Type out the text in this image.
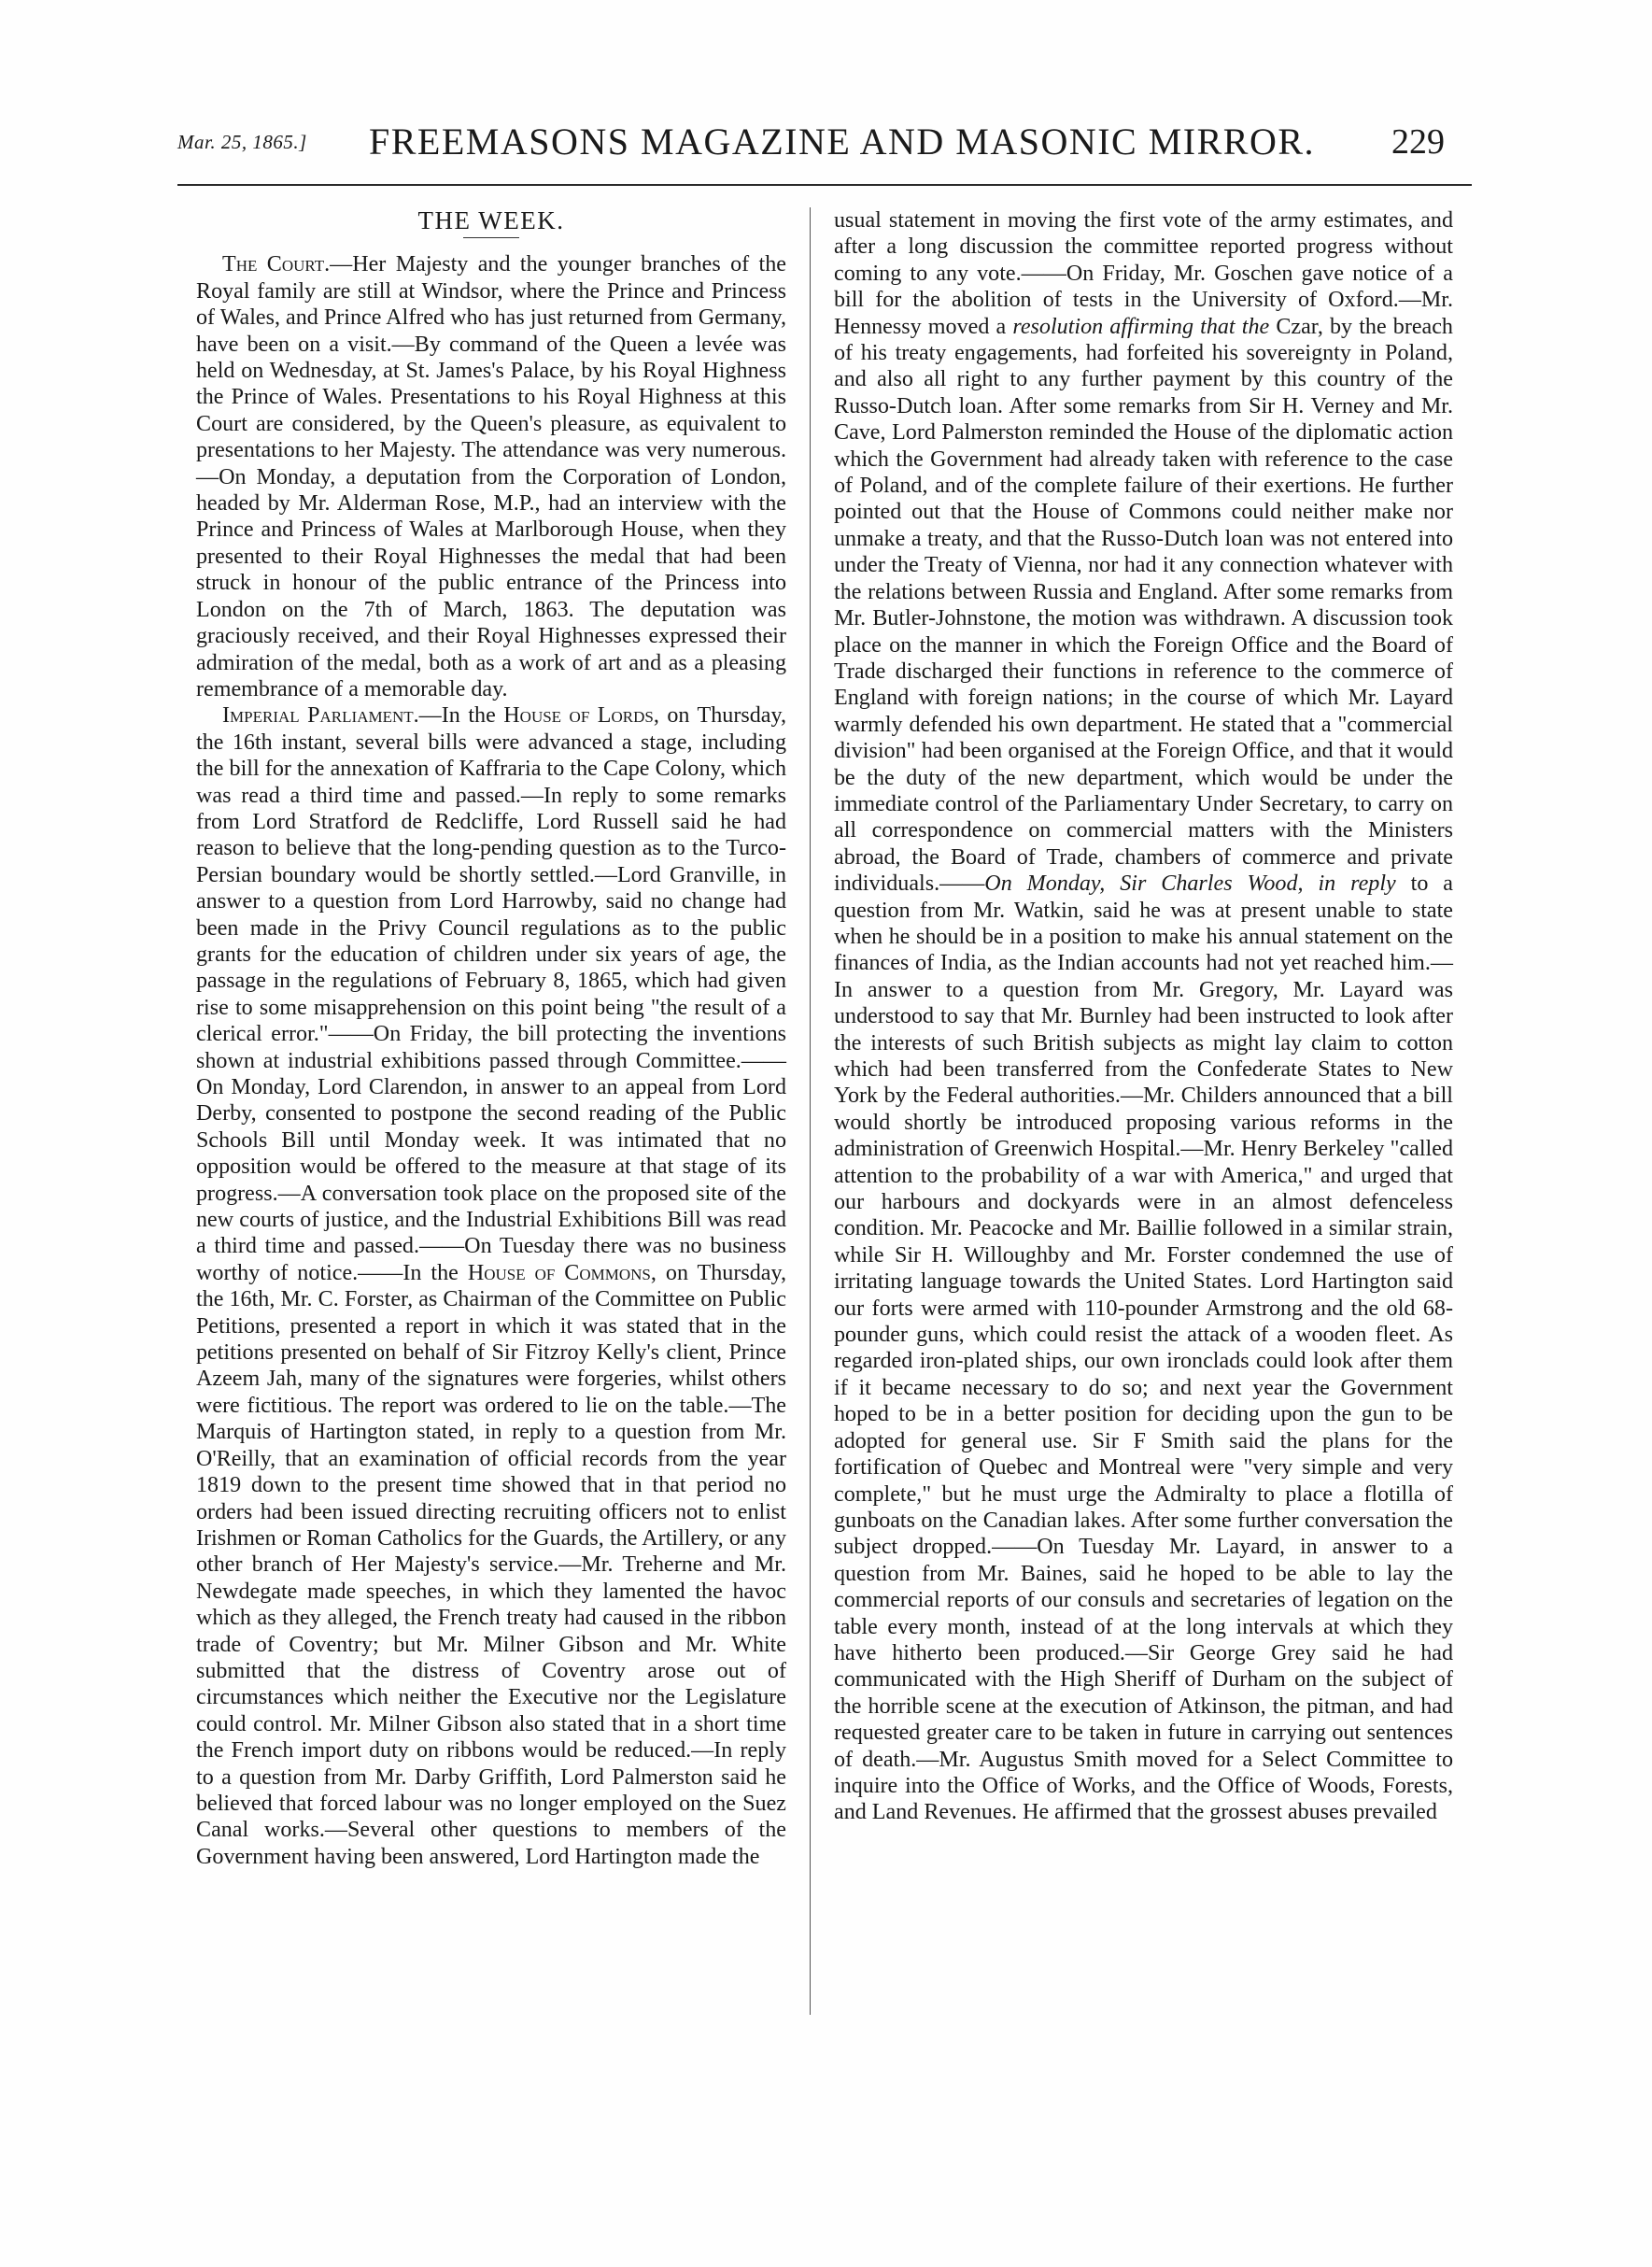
Mar. 25, 1865.] FREEMASONS MAGAZINE AND MASONIC MIRROR. 229
THE WEEK.

The Court.—Her Majesty and the younger branches of the Royal family are still at Windsor, where the Prince and Princess of Wales, and Prince Alfred who has just returned from Germany, have been on a visit.—By command of the Queen a levée was held on Wednesday, at St. James's Palace, by his Royal Highness the Prince of Wales. Presentations to his Royal Highness at this Court are considered, by the Queen's pleasure, as equivalent to presentations to her Majesty. The attendance was very numerous.—On Monday, a deputation from the Corporation of London, headed by Mr. Alderman Rose, M.P., had an interview with the Prince and Princess of Wales at Marlborough House, when they presented to their Royal Highnesses the medal that had been struck in honour of the public entrance of the Princess into London on the 7th of March, 1863. The deputation was graciously received, and their Royal Highnesses expressed their admiration of the medal, both as a work of art and as a pleasing remembrance of a memorable day.

Imperial Parliament.—In the House of Lords, on Thursday, the 16th instant, several bills were advanced a stage, including the bill for the annexation of Kaffraria to the Cape Colony, which was read a third time and passed.—In reply to some remarks from Lord Stratford de Redcliffe, Lord Russell said he had reason to believe that the long-pending question as to the Turco-Persian boundary would be shortly settled.—Lord Granville, in answer to a question from Lord Harrowby, said no change had been made in the Privy Council regulations as to the public grants for the education of children under six years of age, the passage in the regulations of February 8, 1865, which had given rise to some misapprehension on this point being "the result of a clerical error."——On Friday, the bill protecting the inventions shown at industrial exhibitions passed through Committee.——On Monday, Lord Clarendon, in answer to an appeal from Lord Derby, consented to postpone the second reading of the Public Schools Bill until Monday week. It was intimated that no opposition would be offered to the measure at that stage of its progress.—A conversation took place on the proposed site of the new courts of justice, and the Industrial Exhibitions Bill was read a third time and passed.——On Tuesday there was no business worthy of notice.——In the House of Commons, on Thursday, the 16th, Mr. C. Forster, as Chairman of the Committee on Public Petitions, presented a report in which it was stated that in the petitions presented on behalf of Sir Fitzroy Kelly's client, Prince Azeem Jah, many of the signatures were forgeries, whilst others were fictitious. The report was ordered to lie on the table.—The Marquis of Hartington stated, in reply to a question from Mr. O'Reilly, that an examination of official records from the year 1819 down to the present time showed that in that period no orders had been issued directing recruiting officers not to enlist Irishmen or Roman Catholics for the Guards, the Artillery, or any other branch of Her Majesty's service.—Mr. Treherne and Mr. Newdegate made speeches, in which they lamented the havoc which as they alleged, the French treaty had caused in the ribbon trade of Coventry; but Mr. Milner Gibson and Mr. White submitted that the distress of Coventry arose out of circumstances which neither the Executive nor the Legislature could control. Mr. Milner Gibson also stated that in a short time the French import duty on ribbons would be reduced.—In reply to a question from Mr. Darby Griffith, Lord Palmerston said he believed that forced labour was no longer employed on the Suez Canal works.—Several other questions to members of the Government having been answered, Lord Hartington made the

usual statement in moving the first vote of the army estimates, and after a long discussion the committee reported progress without coming to any vote.——On Friday, Mr. Goschen gave notice of a bill for the abolition of tests in the University of Oxford.—Mr. Hennessy moved a resolution affirming that the Czar, by the breach of his treaty engagements, had forfeited his sovereignty in Poland, and also all right to any further payment by this country of the Russo-Dutch loan. After some remarks from Sir H. Verney and Mr. Cave, Lord Palmerston reminded the House of the diplomatic action which the Government had already taken with reference to the case of Poland, and of the complete failure of their exertions. He further pointed out that the House of Commons could neither make nor unmake a treaty, and that the Russo-Dutch loan was not entered into under the Treaty of Vienna, nor had it any connection whatever with the relations between Russia and England. After some remarks from Mr. Butler-Johnstone, the motion was withdrawn. A discussion took place on the manner in which the Foreign Office and the Board of Trade discharged their functions in reference to the commerce of England with foreign nations; in the course of which Mr. Layard warmly defended his own department. He stated that a "commercial division" had been organised at the Foreign Office, and that it would be the duty of the new department, which would be under the immediate control of the Parliamentary Under Secretary, to carry on all correspondence on commercial matters with the Ministers abroad, the Board of Trade, chambers of commerce and private individuals.——On Monday, Sir Charles Wood, in reply to a question from Mr. Watkin, said he was at present unable to state when he should be in a position to make his annual statement on the finances of India, as the Indian accounts had not yet reached him.—In answer to a question from Mr. Gregory, Mr. Layard was understood to say that Mr. Burnley had been instructed to look after the interests of such British subjects as might lay claim to cotton which had been transferred from the Confederate States to New York by the Federal authorities.—Mr. Childers announced that a bill would shortly be introduced proposing various reforms in the administration of Greenwich Hospital.—Mr. Henry Berkeley "called attention to the probability of a war with America," and urged that our harbours and dockyards were in an almost defenceless condition. Mr. Peacocke and Mr. Baillie followed in a similar strain, while Sir H. Willoughby and Mr. Forster condemned the use of irritating language towards the United States. Lord Hartington said our forts were armed with 110-pounder Armstrong and the old 68-pounder guns, which could resist the attack of a wooden fleet. As regarded iron-plated ships, our own ironclads could look after them if it became necessary to do so; and next year the Government hoped to be in a better position for deciding upon the gun to be adopted for general use. Sir F Smith said the plans for the fortification of Quebec and Montreal were "very simple and very complete," but he must urge the Admiralty to place a flotilla of gunboats on the Canadian lakes. After some further conversation the subject dropped.——On Tuesday Mr. Layard, in answer to a question from Mr. Baines, said he hoped to be able to lay the commercial reports of our consuls and secretaries of legation on the table every month, instead of at the long intervals at which they have hitherto been produced.—Sir George Grey said he had communicated with the High Sheriff of Durham on the subject of the horrible scene at the execution of Atkinson, the pitman, and had requested greater care to be taken in future in carrying out sentences of death.—Mr. Augustus Smith moved for a Select Committee to inquire into the Office of Works, and the Office of Woods, Forests, and Land Revenues. He affirmed that the grossest abuses prevailed
